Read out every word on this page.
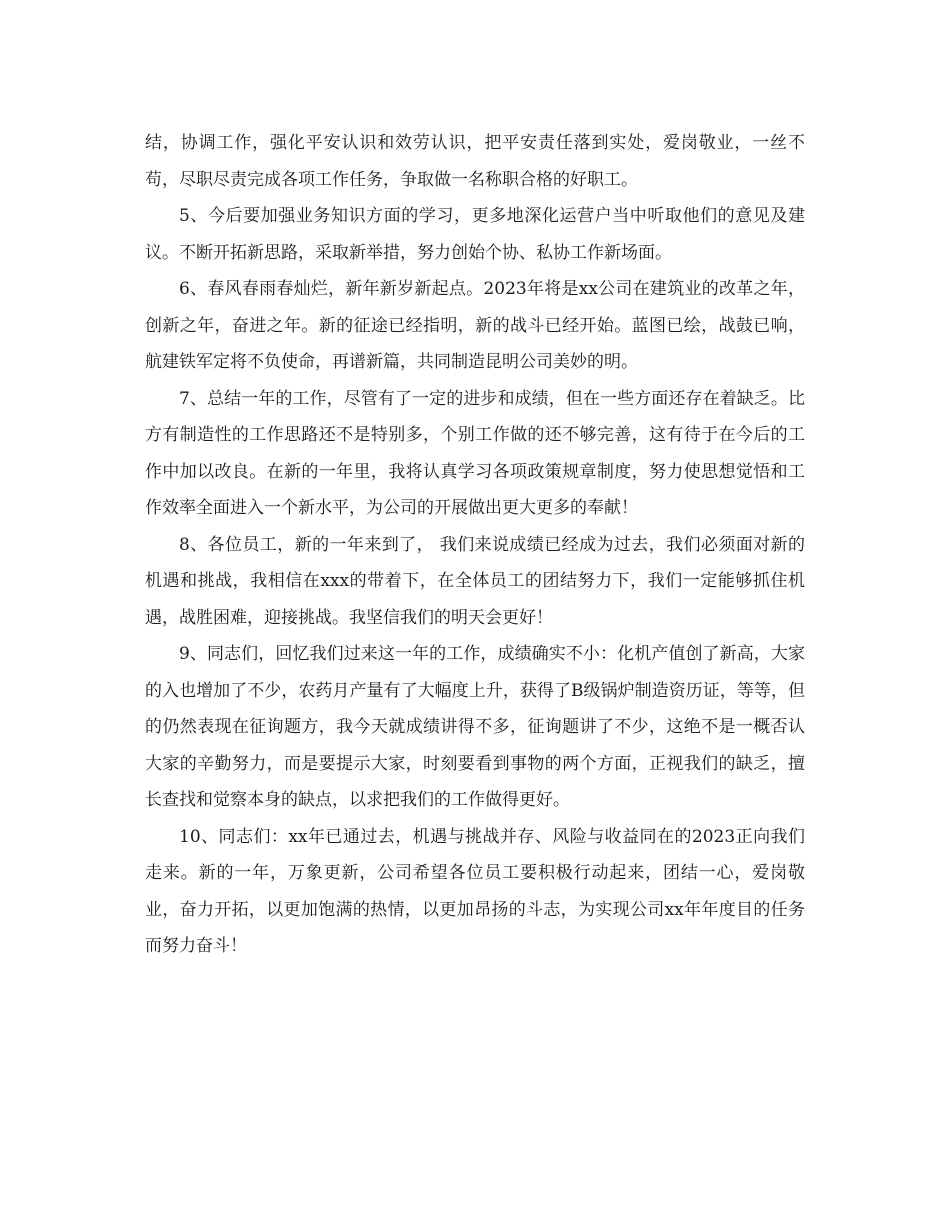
结，协调工作，强化平安认识和效劳认识，把平安责任落到实处，爱岗敬业，一丝不苟，尽职尽责完成各项工作任务，争取做一名称职合格的好职工。

5、今后要加强业务知识方面的学习，更多地深化运营户当中听取他们的意见及建议。不断开拓新思路，采取新举措，努力创始个协、私协工作新场面。

6、春风春雨春灿烂，新年新岁新起点。2023年将是xx公司在建筑业的改革之年，创新之年，奋进之年。新的征途已经指明，新的战斗已经开始。蓝图已绘，战鼓已响，航建铁军定将不负使命，再谱新篇，共同制造昆明公司美妙的明。

7、总结一年的工作，尽管有了一定的进步和成绩，但在一些方面还存在着缺乏。比方有制造性的工作思路还不是特别多，个别工作做的还不够完善，这有待于在今后的工作中加以改良。在新的一年里，我将认真学习各项政策规章制度，努力使思想觉悟和工作效率全面进入一个新水平，为公司的开展做出更大更多的奉献！

8、各位员工，新的一年来到了， 我们来说成绩已经成为过去，我们必须面对新的机遇和挑战，我相信在xxx的带着下，在全体员工的团结努力下，我们一定能够抓住机遇，战胜困难，迎接挑战。我坚信我们的明天会更好！

9、同志们，回忆我们过来这一年的工作，成绩确实不小：化机产值创了新高，大家的入也增加了不少，农药月产量有了大幅度上升，获得了B级锅炉制造资历证，等等，但的仍然表现在征询题方，我今天就成绩讲得不多，征询题讲了不少，这绝不是一概否认大家的辛勤努力，而是要提示大家，时刻要看到事物的两个方面，正视我们的缺乏，擅长查找和觉察本身的缺点，以求把我们的工作做得更好。

10、同志们：xx年已通过去，机遇与挑战并存、风险与收益同在的2023正向我们走来。新的一年，万象更新，公司希望各位员工要积极行动起来，团结一心，爱岗敬业，奋力开拓，以更加饱满的热情，以更加昂扬的斗志，为实现公司xx年年度目的任务而努力奋斗！
